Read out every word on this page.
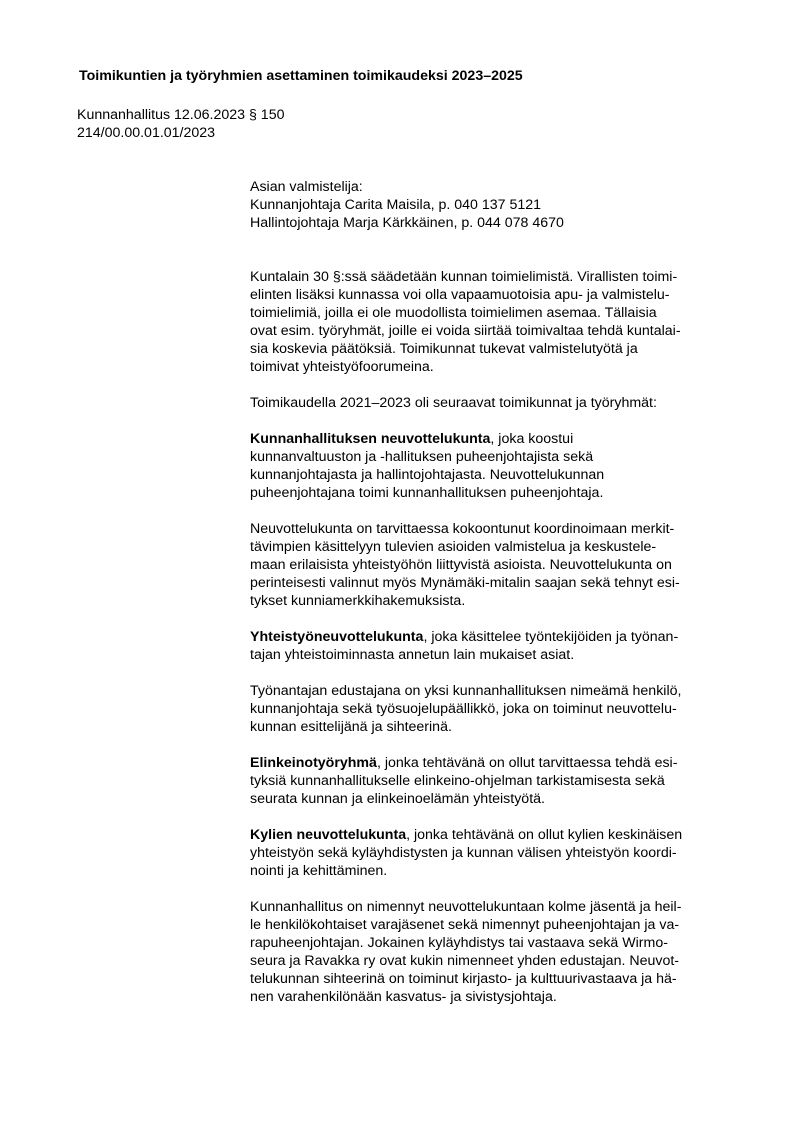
Toimikuntien ja työryhmien asettaminen toimikaudeksi 2023–2025
Kunnanhallitus 12.06.2023 § 150
214/00.00.01.01/2023
Asian valmistelija:
Kunnanjohtaja Carita Maisila, p. 040 137 5121
Hallintojohtaja Marja Kärkkäinen, p. 044 078 4670
Kuntalain 30 §:ssä säädetään kunnan toimielimistä. Virallisten toimi-
elinten lisäksi kunnassa voi olla vapaamuotoisia apu- ja valmistelu-
toimielimiä, joilla ei ole muodollista toimielimen asemaa. Tällaisia
ovat esim. työryhmät, joille ei voida siirtää toimivaltaa tehdä kuntalai-
sia koskevia päätöksiä. Toimikunnat tukevat valmistelutyötä ja
toimivat yhteistyöfoorumeina.
Toimikaudella 2021–2023 oli seuraavat toimikunnat ja työryhmät:
Kunnanhallituksen neuvottelukunta, joka koostui
kunnanvaltuuston ja -hallituksen puheenjohtajista sekä
kunnanjohtajasta ja hallintojohtajasta. Neuvottelukunnan
puheenjohtajana toimi kunnanhallituksen puheenjohtaja.
Neuvottelukunta on tarvittaessa kokoontunut koordinoimaan merkit-
tävimpien käsittelyyn tulevien asioiden valmistelua ja keskustele-
maan erilaisista yhteistyöhön liittyvistä asioista. Neuvottelukunta on
perinteisesti valinnut myös Mynämäki-mitalin saajan sekä tehnyt esi-
tykset kunniamerkkihakemuksista.
Yhteistyöneuvottelukunta, joka käsittelee työntekijöiden ja työnan-
tajan yhteistoiminnasta annetun lain mukaiset asiat.
Työnantajan edustajana on yksi kunnanhallituksen nimeämä henkilö,
kunnanjohtaja sekä työsuojelupäällikkö, joka on toiminut neuvottelu-
kunnan esittelijänä ja sihteerinä.
Elinkeinotyöryhmä, jonka tehtävänä on ollut tarvittaessa tehdä esi-
tyksiä kunnanhallitukselle elinkeino-ohjelman tarkistamisesta sekä
seurata kunnan ja elinkeinoelämän yhteistyötä.
Kylien neuvottelukunta, jonka tehtävänä on ollut kylien keskinäisen
yhteistyön sekä kyläyhdistysten ja kunnan välisen yhteistyön koordi-
nointi ja kehittäminen.
Kunnanhallitus on nimennyt neuvottelukuntaan kolme jäsentä ja heil-
le henkilökohtaiset varajäsenet sekä nimennyt puheenjohtajan ja va-
rapuheenjohtajan. Jokainen kyläyhdistys tai vastaava sekä Wirmo-
seura ja Ravakka ry ovat kukin nimenneet yhden edustajan. Neuvot-
telukunnan sihteerinä on toiminut kirjasto- ja kulttuurivastaava ja hä-
nen varahenkilönään kasvatus- ja sivistysjohtaja.
